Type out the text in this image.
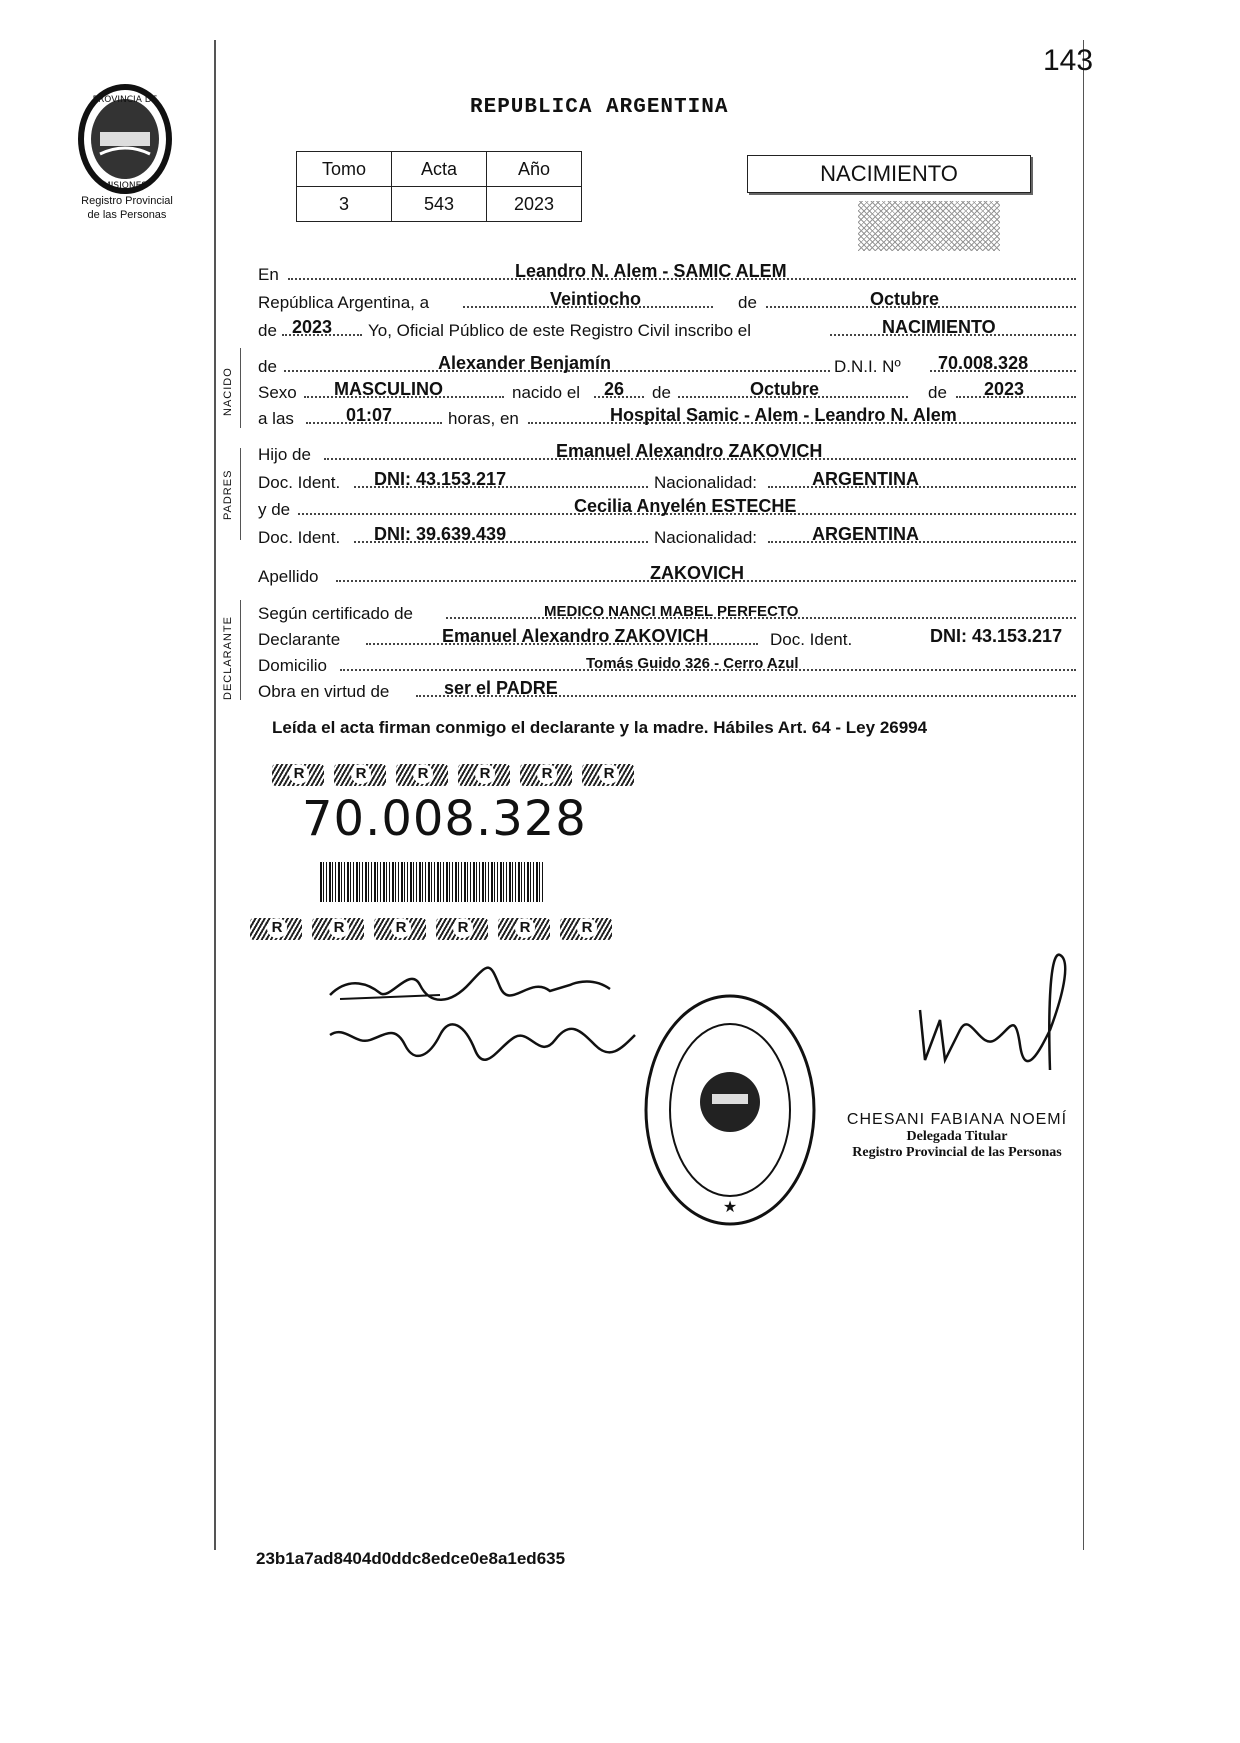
143
PROVINCIA DE
MISIONES
Registro Provincial
de las Personas
REPUBLICA ARGENTINA
Tomo	Acta	Año
3	543	2023
NACIMIENTO
NACIDO
PADRES
DECLARANTE
En	Leandro N. Alem - SAMIC ALEM
República Argentina, a	Veintiocho	de	Octubre
de 2023 Yo, Oficial Público de este Registro Civil inscribo el	NACIMIENTO
de	Alexander Benjamín	D.N.I. Nº 70.008.328
Sexo MASCULINO	nacido el 26 de	Octubre	de 2023
a las	01:07	horas, en	Hospital Samic - Alem - Leandro N. Alem
Hijo de	Emanuel Alexandro ZAKOVICH
Doc. Ident. DNI: 43.153.217	Nacionalidad:	ARGENTINA
y de	Cecilia Anyelén ESTECHE
Doc. Ident. DNI: 39.639.439	Nacionalidad:	ARGENTINA
Apellido	ZAKOVICH
Según certificado de	MEDICO NANCI MABEL PERFECTO
Declarante	Emanuel Alexandro ZAKOVICH	Doc. Ident.	DNI: 43.153.217
Domicilio	Tomás Guido 326 - Cerro Azul
Obra en virtud de	ser el PADRE
Leída el acta firman conmigo el declarante y la madre. Hábiles Art. 64 - Ley 26994
R	R	R	R	R	R
70.008.328
R	R	R	R	R	R
★
CHESANI FABIANA NOEMÍ
Delegada Titular
Registro Provincial de las Personas
23b1a7ad8404d0ddc8edce0e8a1ed635
